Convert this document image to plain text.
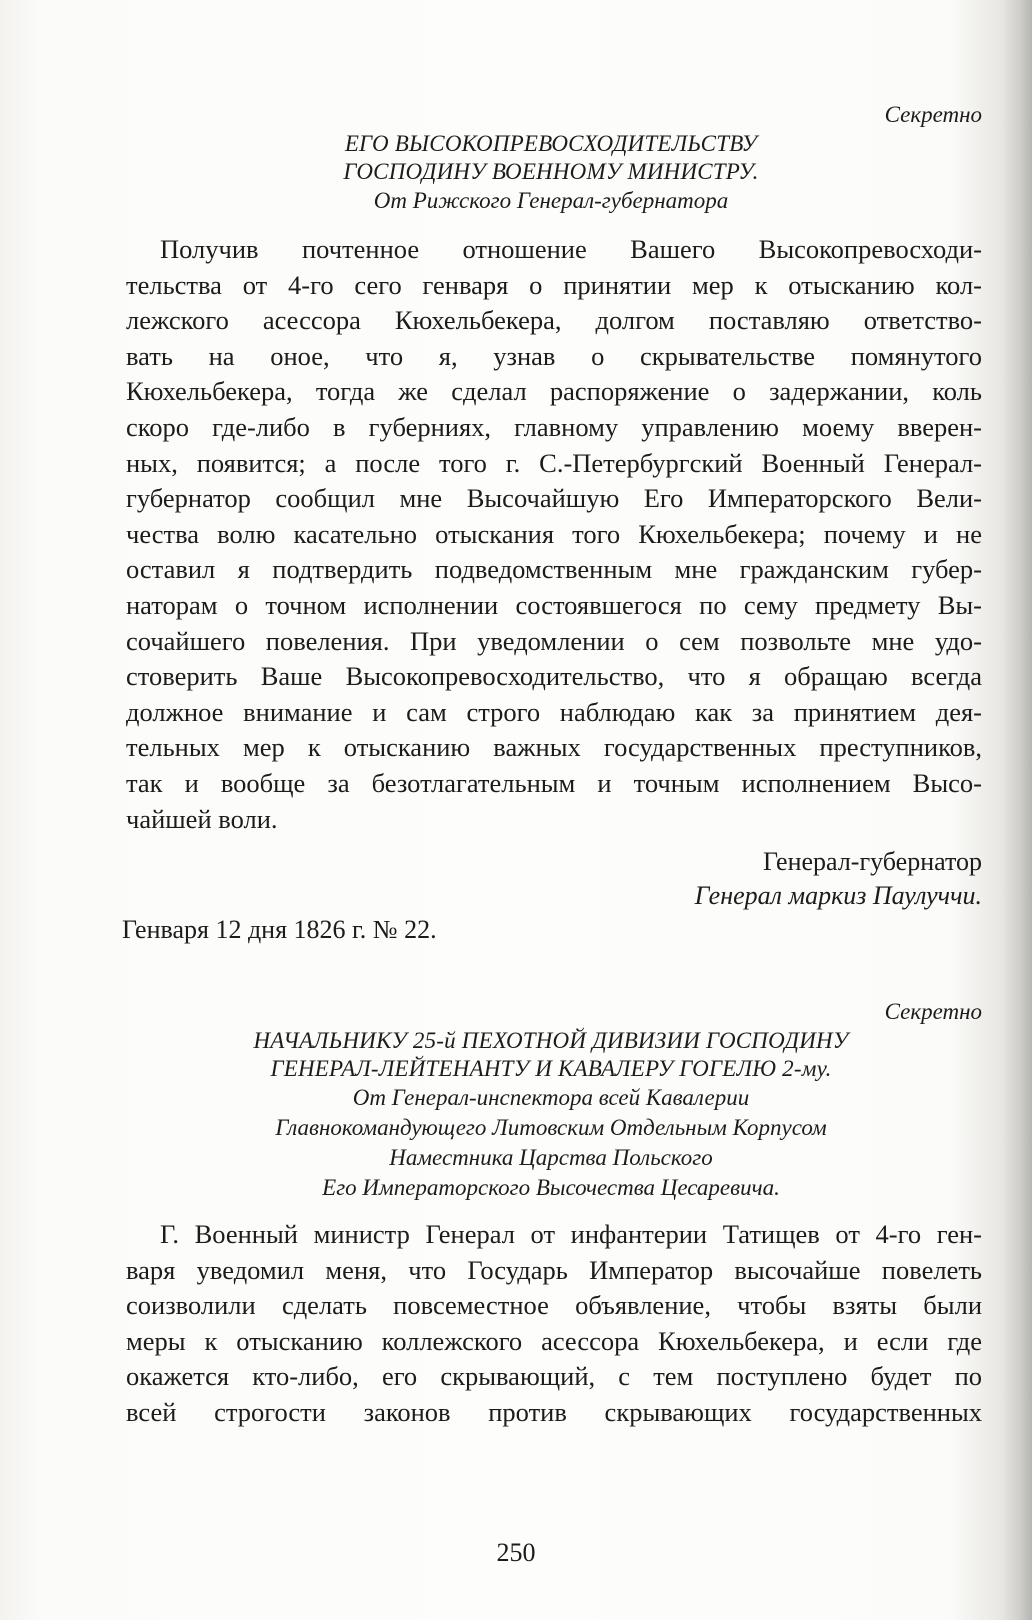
Секретно
ЕГО ВЫСОКОПРЕВОСХОДИТЕЛЬСТВУ
ГОСПОДИНУ ВОЕННОМУ МИНИСТРУ.
От Рижского Генерал-губернатора
Получив почтенное отношение Вашего Высокопревосходи-
тельства от 4-го сего генваря о принятии мер к отысканию кол-
лежского асессора Кюхельбекера, долгом поставляю ответство-
вать на оное, что я, узнав о скрывательстве помянутого
Кюхельбекера, тогда же сделал распоряжение о задержании, коль
скоро где-либо в губерниях, главному управлению моему вверен-
ных, появится; а после того г. С.-Петербургский Военный Генерал-
губернатор сообщил мне Высочайшую Его Императорского Вели-
чества волю касательно отыскания того Кюхельбекера; почему и не
оставил я подтвердить подведомственным мне гражданским губер-
наторам о точном исполнении состоявшегося по сему предмету Вы-
сочайшего повеления. При уведомлении о сем позвольте мне удо-
стоверить Ваше Высокопревосходительство, что я обращаю всегда
должное внимание и сам строго наблюдаю как за принятием дея-
тельных мер к отысканию важных государственных преступников,
так и вообще за безотлагательным и точным исполнением Высо-
чайшей воли.
Генерал-губернатор
Генерал маркиз Паулуччи.
Генваря 12 дня 1826 г. № 22.
Секретно
НАЧАЛЬНИКУ 25-й ПЕХОТНОЙ ДИВИЗИИ ГОСПОДИНУ
ГЕНЕРАЛ-ЛЕЙТЕНАНТУ И КАВАЛЕРУ ГОГЕЛЮ 2-му.
От Генерал-инспектора всей Кавалерии
Главнокомандующего Литовским Отдельным Корпусом
Наместника Царства Польского
Его Императорского Высочества Цесаревича.
Г. Военный министр Генерал от инфантерии Татищев от 4-го ген-
варя уведомил меня, что Государь Император высочайше повелеть
соизволили сделать повсеместное объявление, чтобы взяты были
меры к отысканию коллежского асессора Кюхельбекера, и если где
окажется кто-либо, его скрывающий, с тем поступлено будет по
всей строгости законов против скрывающих государственных
250
